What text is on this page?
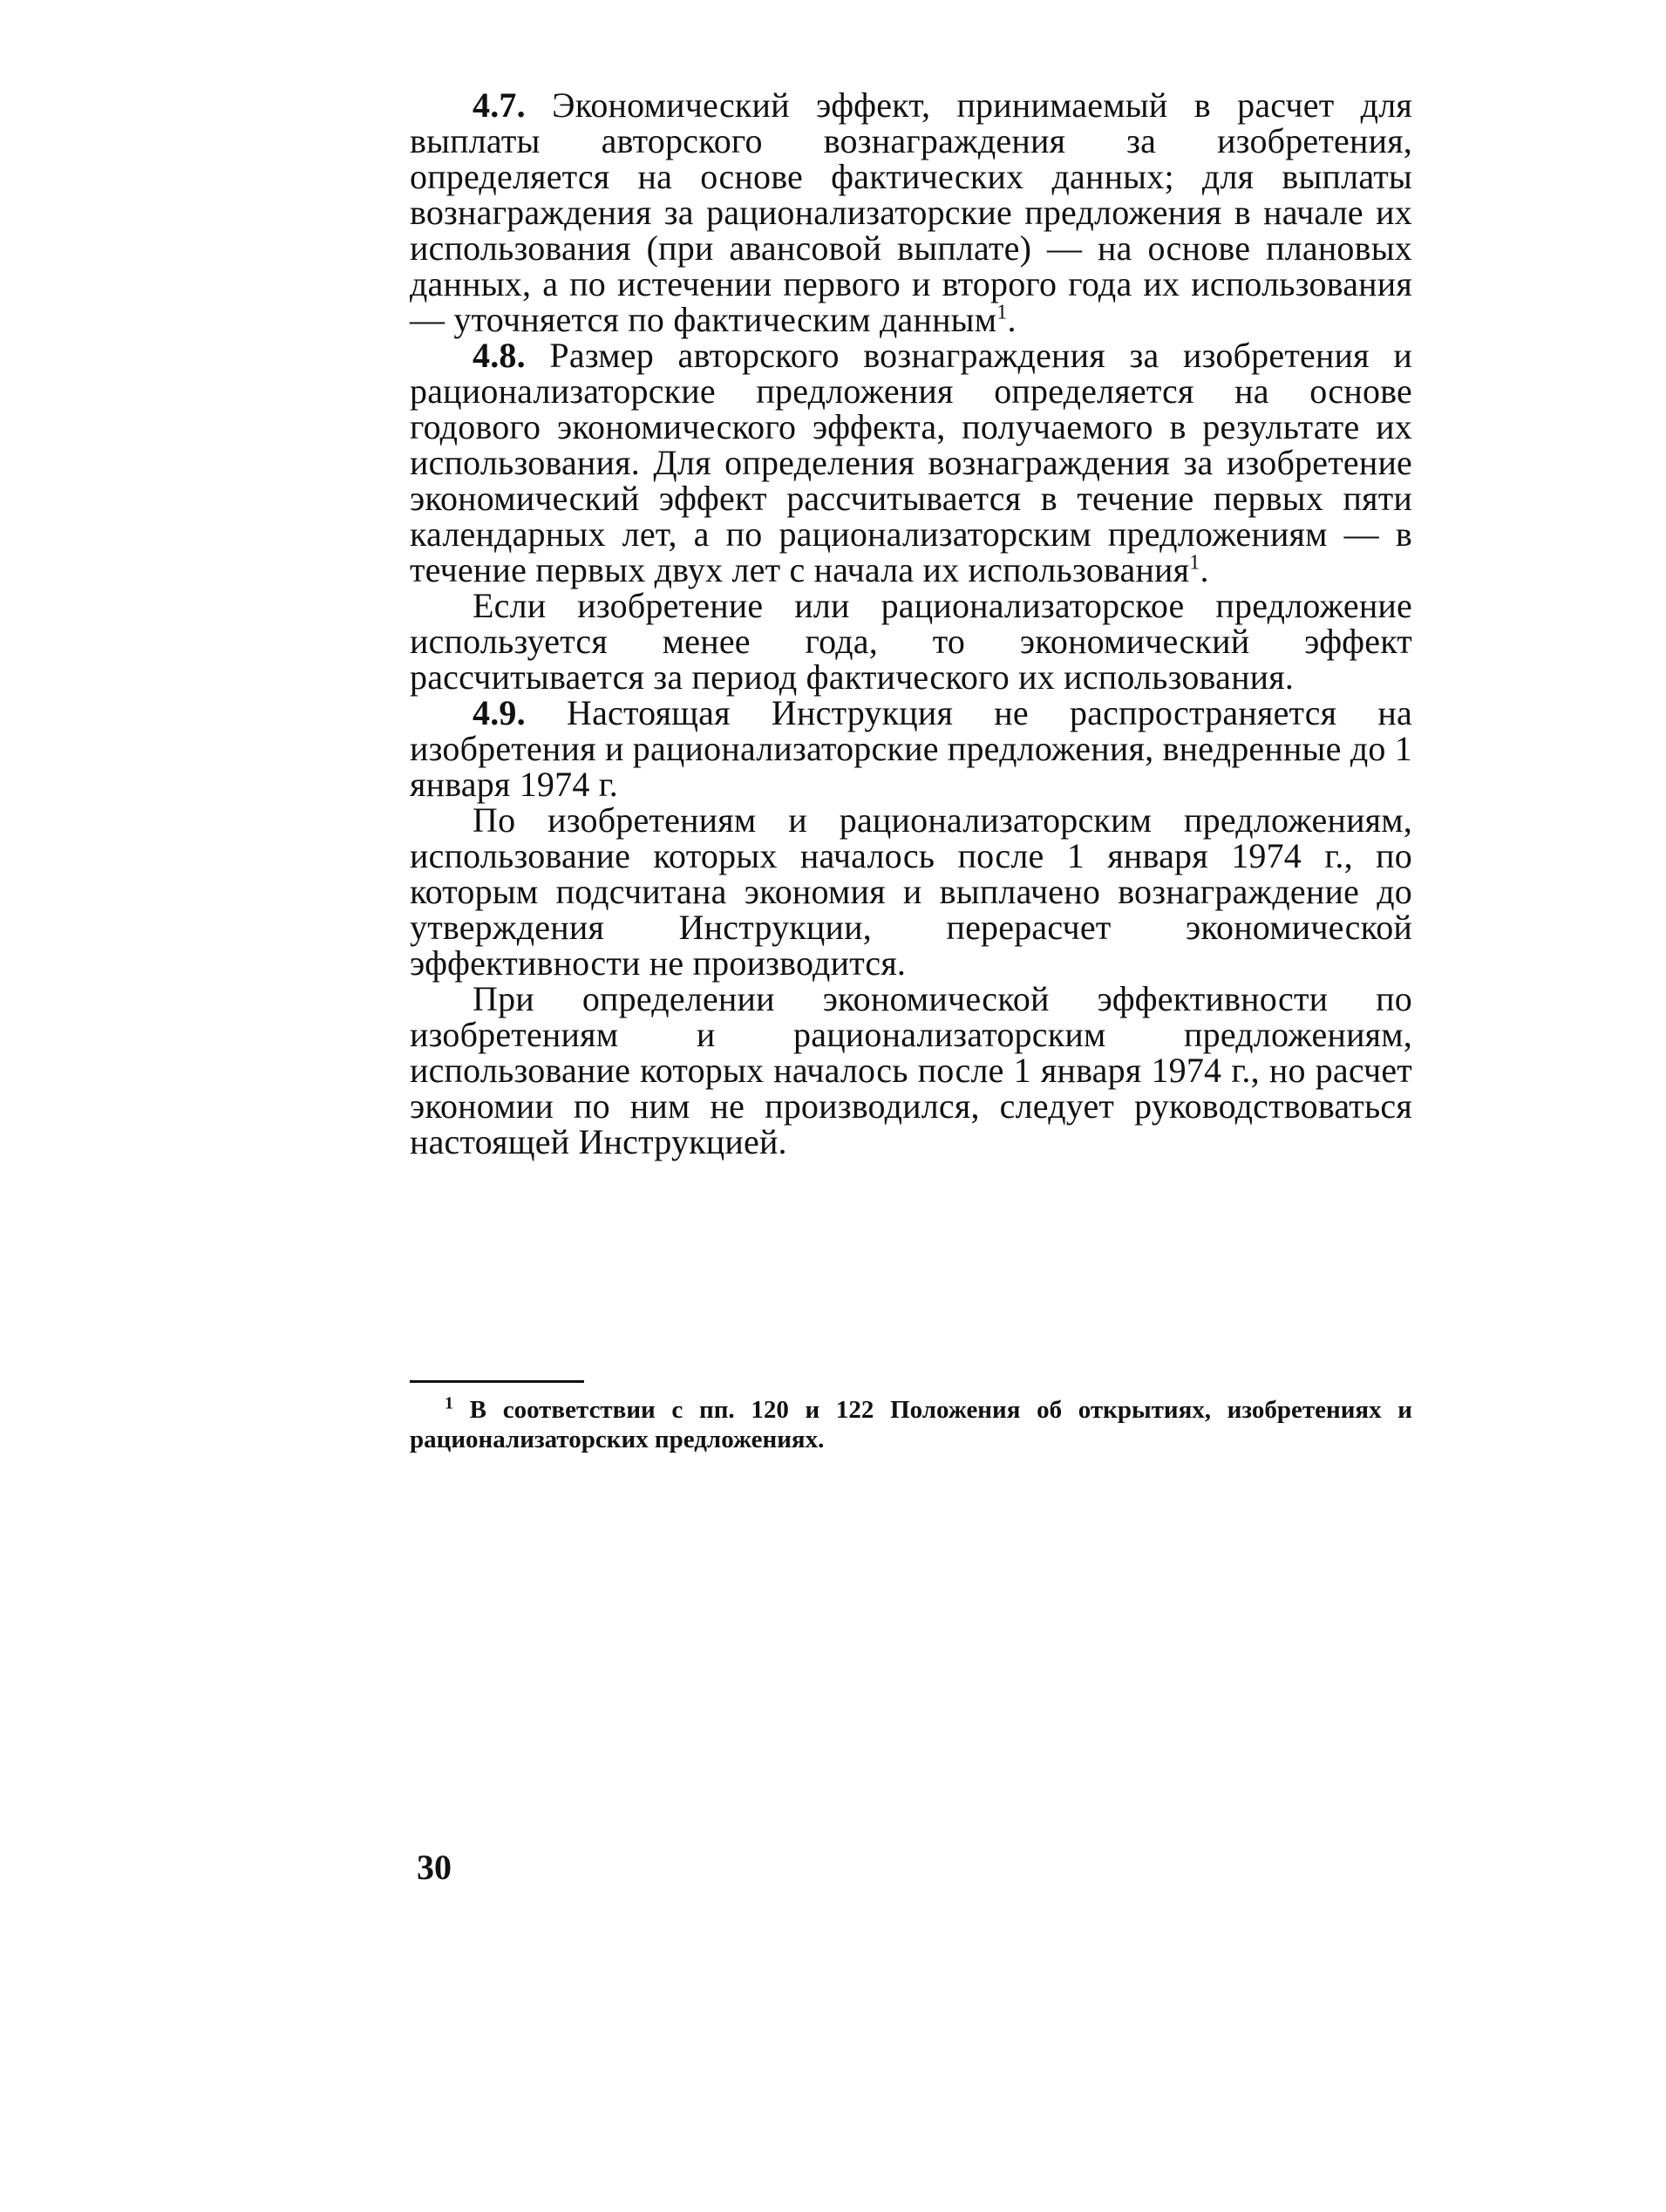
4.7. Экономический эффект, принимаемый в расчет для выплаты авторского вознаграждения за изобретения, определяется на основе фактических данных; для выплаты вознаграждения за рационализаторские предложения в начале их использования (при авансовой выплате) — на основе плановых данных, а по истечении первого и второго года их использования — уточняется по фактическим данным$^1$.

4.8. Размер авторского вознаграждения за изобретения и рационализаторские предложения определяется на основе годового экономического эффекта, получаемого в результате их использования. Для определения вознаграждения за изобретение экономический эффект рассчитывается в течение первых пяти календарных лет, а по рационализаторским предложениям — в течение первых двух лет с начала их использования$^1$.

Если изобретение или рационализаторское предложение используется менее года, то экономический эффект рассчитывается за период фактического их использования.

4.9. Настоящая Инструкция не распространяется на изобретения и рационализаторские предложения, внедренные до 1 января 1974 г.

По изобретениям и рационализаторским предложениям, использование которых началось после 1 января 1974 г., по которым подсчитана экономия и выплачено вознаграждение до утверждения Инструкции, перерасчет экономической эффективности не производится.

При определении экономической эффективности по изобретениям и рационализаторским предложениям, использование которых началось после 1 января 1974 г., но расчет экономии по ним не производился, следует руководствоваться настоящей Инструкцией.

$^1$ В соответствии с пп. 120 и 122 Положения об открытиях, изобретениях и рационализаторских предложениях.

30
